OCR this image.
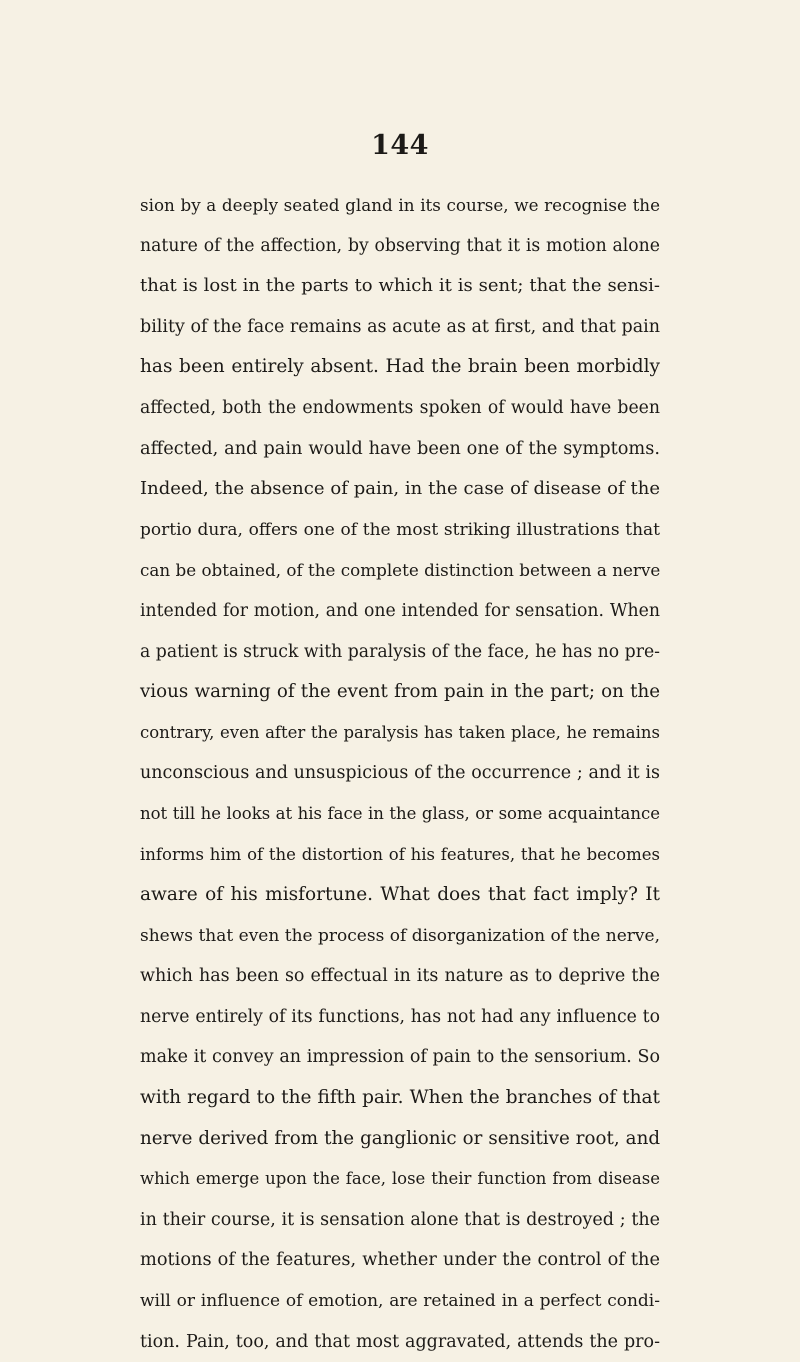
144
sion by a deeply seated gland in its course, we recognise the
nature of the affection, by observing that it is motion alone
that is lost in the parts to which it is sent; that the sensi-
bility of the face remains as acute as at first, and that pain
has been entirely absent. Had the brain been morbidly
affected, both the endowments spoken of would have been
affected, and pain would have been one of the symptoms.
Indeed, the absence of pain, in the case of disease of the
portio dura, offers one of the most striking illustrations that
can be obtained, of the complete distinction between a nerve
intended for motion, and one intended for sensation. When
a patient is struck with paralysis of the face, he has no pre-
vious warning of the event from pain in the part; on the
contrary, even after the paralysis has taken place, he remains
unconscious and unsuspicious of the occurrence ; and it is
not till he looks at his face in the glass, or some acquaintance
informs him of the distortion of his features, that he becomes
aware of his misfortune. What does that fact imply? It
shews that even the process of disorganization of the nerve,
which has been so effectual in its nature as to deprive the
nerve entirely of its functions, has not had any influence to
make it convey an impression of pain to the sensorium. So
with regard to the fifth pair. When the branches of that
nerve derived from the ganglionic or sensitive root, and
which emerge upon the face, lose their function from disease
in their course, it is sensation alone that is destroyed ; the
motions of the features, whether under the control of the
will or influence of emotion, are retained in a perfect condi-
tion. Pain, too, and that most aggravated, attends the pro-
